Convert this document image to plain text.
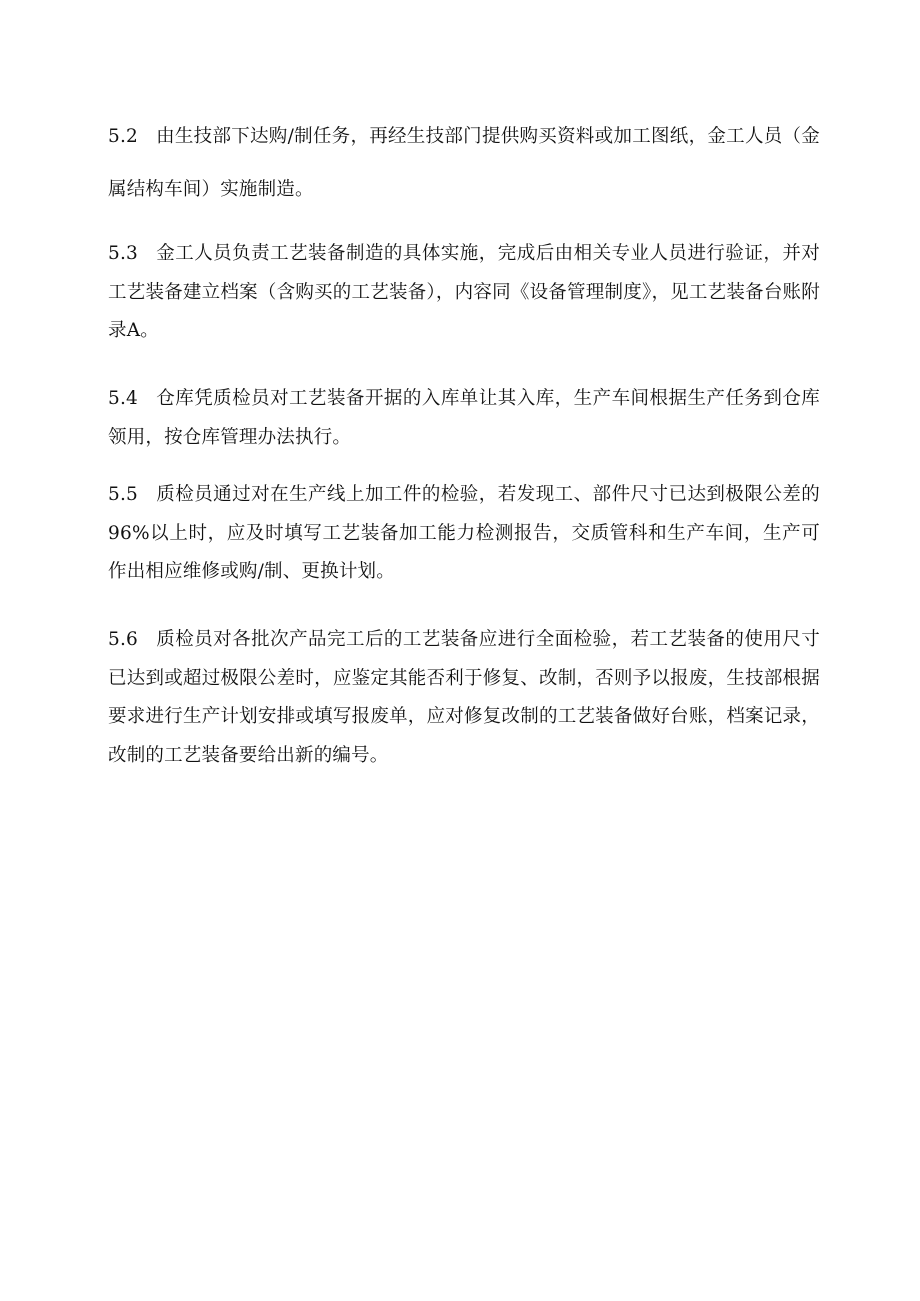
5.2 由生技部下达购/制任务，再经生技部门提供购买资料或加工图纸，金工人员（金属结构车间）实施制造。
5.3 金工人员负责工艺装备制造的具体实施，完成后由相关专业人员进行验证，并对工艺装备建立档案（含购买的工艺装备），内容同《设备管理制度》，见工艺装备台账附录A。
5.4 仓库凭质检员对工艺装备开据的入库单让其入库，生产车间根据生产任务到仓库领用，按仓库管理办法执行。
5.5 质检员通过对在生产线上加工件的检验，若发现工、部件尺寸已达到极限公差的96%以上时，应及时填写工艺装备加工能力检测报告，交质管科和生产车间，生产可作出相应维修或购/制、更换计划。
5.6 质检员对各批次产品完工后的工艺装备应进行全面检验，若工艺装备的使用尺寸已达到或超过极限公差时，应鉴定其能否利于修复、改制，否则予以报废，生技部根据要求进行生产计划安排或填写报废单，应对修复改制的工艺装备做好台账，档案记录，改制的工艺装备要给出新的编号。
